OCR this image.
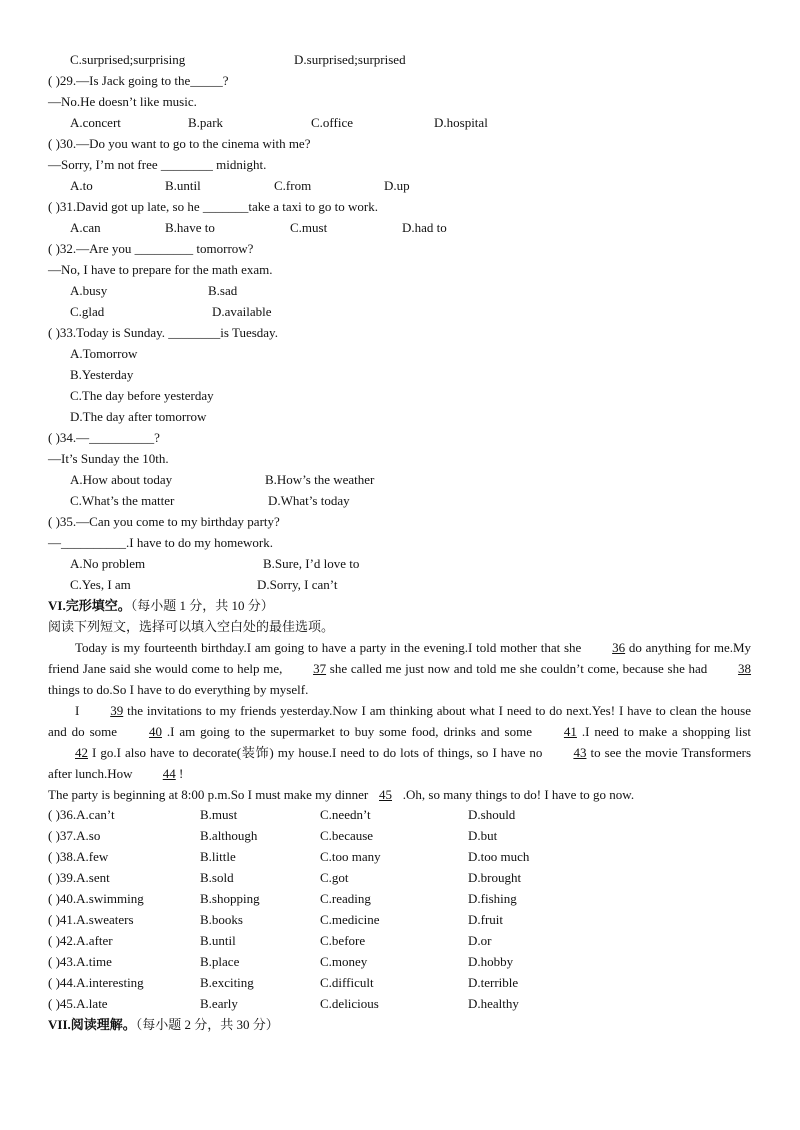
C.surprised;surprising	D.surprised;surprised
( )29.—Is Jack going to the_____?
—No.He doesn’t like music.
A.concert	B.park	C.office	D.hospital
( )30.—Do you want to go to the cinema with me?
—Sorry, I’m not free ________ midnight.
A.to	B.until	C.from	D.up
( )31.David got up late, so he _______take a taxi to go to work.
A.can	B.have to	C.must	D.had to
( )32.—Are you _________ tomorrow?
—No, I have to prepare for the math exam.
A.busy	B.sad
C.glad	D.available
( )33.Today is Sunday. ________is Tuesday.
A.Tomorrow
B.Yesterday
C.The day before yesterday
D.The day after tomorrow
( )34.—__________?
—It’s Sunday the 10th.
A.How about today	B.How’s the weather
C.What’s the matter	D.What’s today
( )35.—Can you come to my birthday party?
—__________.I have to do my homework.
A.No problem	B.Sure, I’d love to
C.Yes, I am	D.Sorry, I can’t
VI.完形填空。（每小题 1 分，共 10 分）
阅读下列短文，选择可以填入空白处的最佳选项。
Today is my fourteenth birthday.I am going to have a party in the evening.I told mother that she 36 do anything for me.My friend Jane said she would come to help me, 37 she called me just now and told me she couldn’t come, because she had 38 things to do.So I have to do everything by myself.
I 39 the invitations to my friends yesterday.Now I am thinking about what I need to do next.Yes! I have to clean the house and do some 40 .I am going to the supermarket to buy some food, drinks and some 41 .I need to make a shopping list 42 I go.I also have to decorate(装饰) my house.I need to do lots of things, so I have no 43 to see the movie Transformers after lunch.How 44 !
The party is beginning at 8:00 p.m.So I must make my dinner 45 .Oh, so many things to do! I have to go now.
( )36.A.can’t	B.must	C.needn’t	D.should
( )37.A.so	B.although	C.because	D.but
( )38.A.few	B.little	C.too many	D.too much
( )39.A.sent	B.sold	C.got	D.brought
( )40.A.swimming	B.shopping	C.reading	D.fishing
( )41.A.sweaters	B.books	C.medicine	D.fruit
( )42.A.after	B.until	C.before	D.or
( )43.A.time	B.place	C.money	D.hobby
( )44.A.interesting	B.exciting	C.difficult	D.terrible
( )45.A.late	B.early	C.delicious	D.healthy
VII.阅读理解。（每小题 2 分，共 30 分）
